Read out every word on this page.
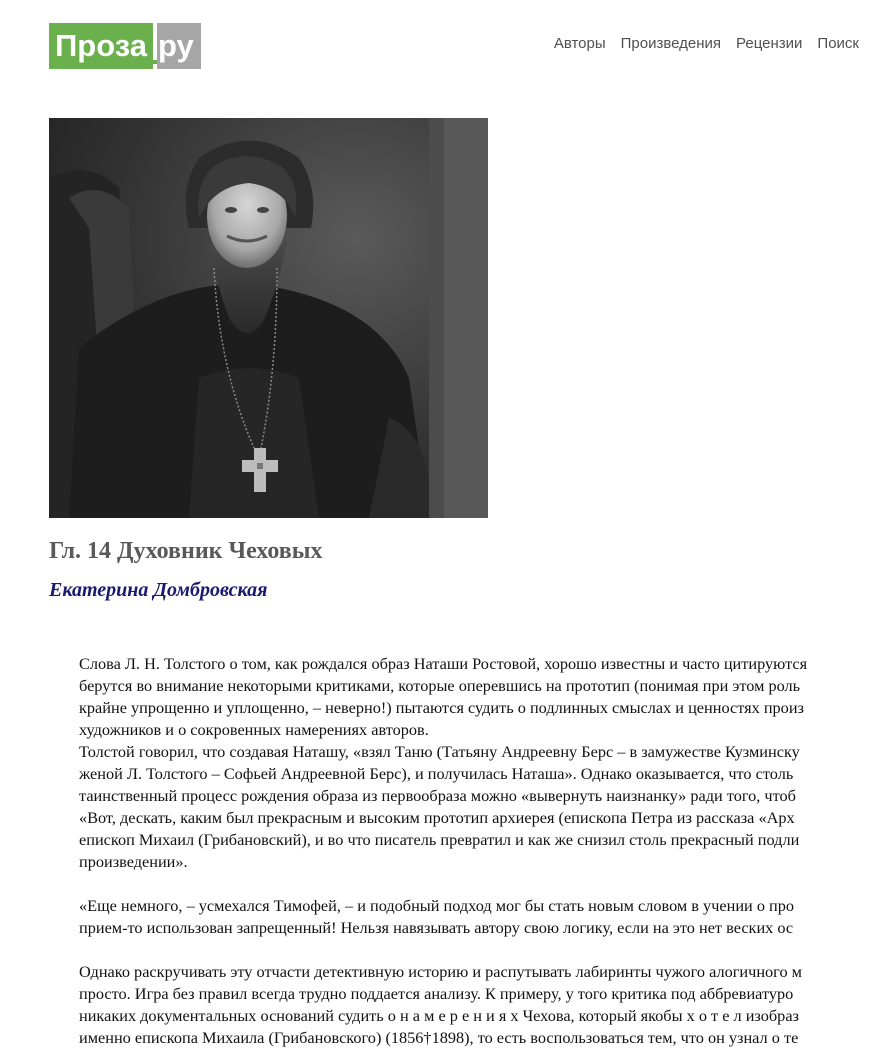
Проза ру	Авторы Произведения Рецензии Поиск
Гл. 14 Духовник Чеховых
Екатерина Домбровская
Слова Л. Н. Толстого о том, как рождался образ Наташи Ростовой, хорошо известны и часто цитируются
берутся во внимание некоторыми критиками, которые оперевшись на прототип (понимая при этом роль
крайне упрощенно и уплощенно, – неверно!) пытаются судить о подлинных смыслах и ценностях произ
художников и о сокровенных намерениях авторов.
Толстой говорил, что создавая Наташу, «взял Таню (Татьяну Андреевну Берс – в замужестве Кузминску
женой Л. Толстого – Софьей Андреевной Берс), и получилась Наташа». Однако оказывается, что столь
таинственный процесс рождения образа из первообраза можно «вывернуть наизнанку» ради того, чтоб
«Вот, дескать, каким был прекрасным и высоким прототип архиерея (епископа Петра из рассказа «Арх
епископ Михаил (Грибановский), и во что писатель превратил и как же снизил столь прекрасный подли
произведении».
«Еще немного, – усмехался Тимофей, – и подобный подход мог бы стать новым словом в учении о про
прием-то использован запрещенный! Нельзя навязывать автору свою логику, если на это нет веских ос
Однако раскручивать эту отчасти детективную историю и распутывать лабиринты чужого алогичного м
просто. Игра без правил всегда трудно поддается анализу. К примеру, у того критика под аббревиатуро
никаких документальных оснований судить о н а м е р е н и я х Чехова, который якобы х о т е л изобраз
именно епископа Михаила (Грибановского) (1856†1898), то есть воспользоваться тем, что он узнал о те
